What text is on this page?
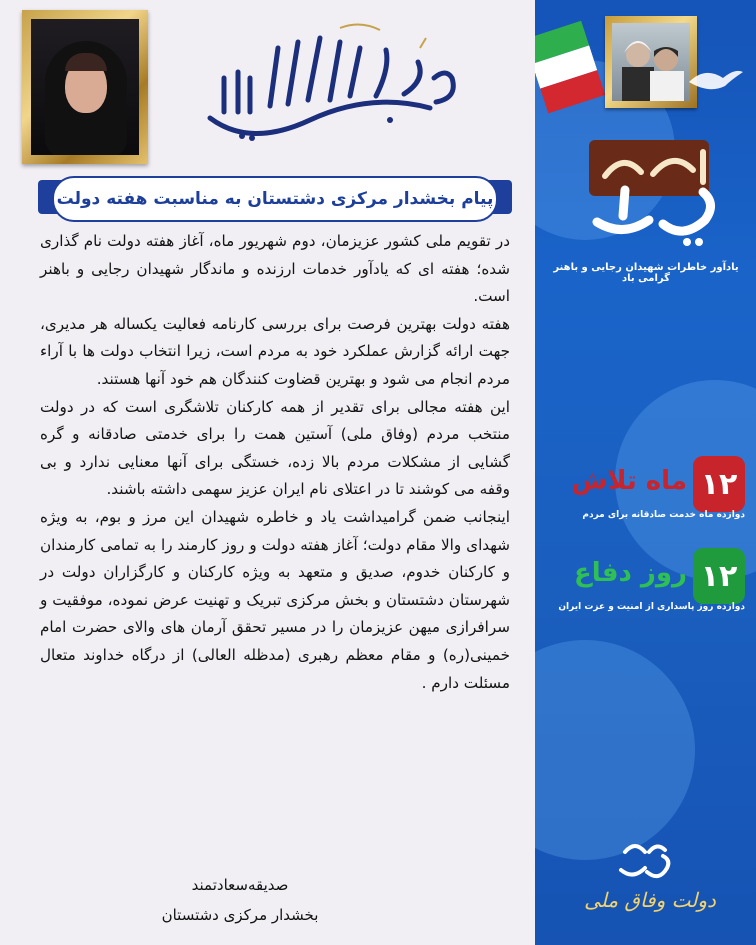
پیام بخشدار مرکزی دشتستان به مناسبت هفته دولت

در تقویم ملی کشور عزیزمان، دوم شهریور ماه، آغاز هفته دولت نام گذاری شده؛ هفته ای که یادآور خدمات ارزنده و ماندگار شهیدان رجایی و باهنر است.

هفته دولت بهترین فرصت برای بررسی کارنامه فعالیت یکساله هر مدیری، جهت ارائه گزارش عملکرد خود به مردم است، زیرا انتخاب دولت ها با آراء مردم انجام می شود و بهترین قضاوت کنندگان هم خود آنها هستند.

این هفته مجالی برای تقدیر از همه کارکنان تلاشگری است که در دولت منتخب مردم (وفاق ملی) آستین همت را برای خدمتی صادقانه و گره گشایی از مشکلات مردم بالا زده، خستگی برای آنها معنایی ندارد و بی وقفه می کوشند تا در اعتلای نام ایران عزیز سهمی داشته باشند.

اینجانب ضمن گرامیداشت یاد و خاطره شهیدان این مرز و بوم، به ویژه شهدای والا مقام دولت؛ آغاز هفته دولت و روز کارمند را به تمامی کارمندان و کارکنان خدوم، صدیق و متعهد به ویژه کارکنان و کارگزاران دولت در شهرستان دشتستان و بخش مرکزی تبریک و تهنیت عرض نموده، موفقیت و سرافرازی میهن عزیزمان را در مسیر تحقق آرمان های والای حضرت امام خمینی(ره) و مقام معظم رهبری (مدظله العالی) از درگاه خداوند متعال مسئلت دارم .

صدیقه‌سعادتمند
بخشدار مرکزی دشتستان
یادآور خاطرات شهیدان رجایی و باهنر گرامی باد
۱۲
ماه تلاش
دوازده ماه خدمت صادقانه برای مردم
۱۲
روز دفاع
دوازده روز پاسداری از امنیت و عزت ایران
دولت وفاق ملی
